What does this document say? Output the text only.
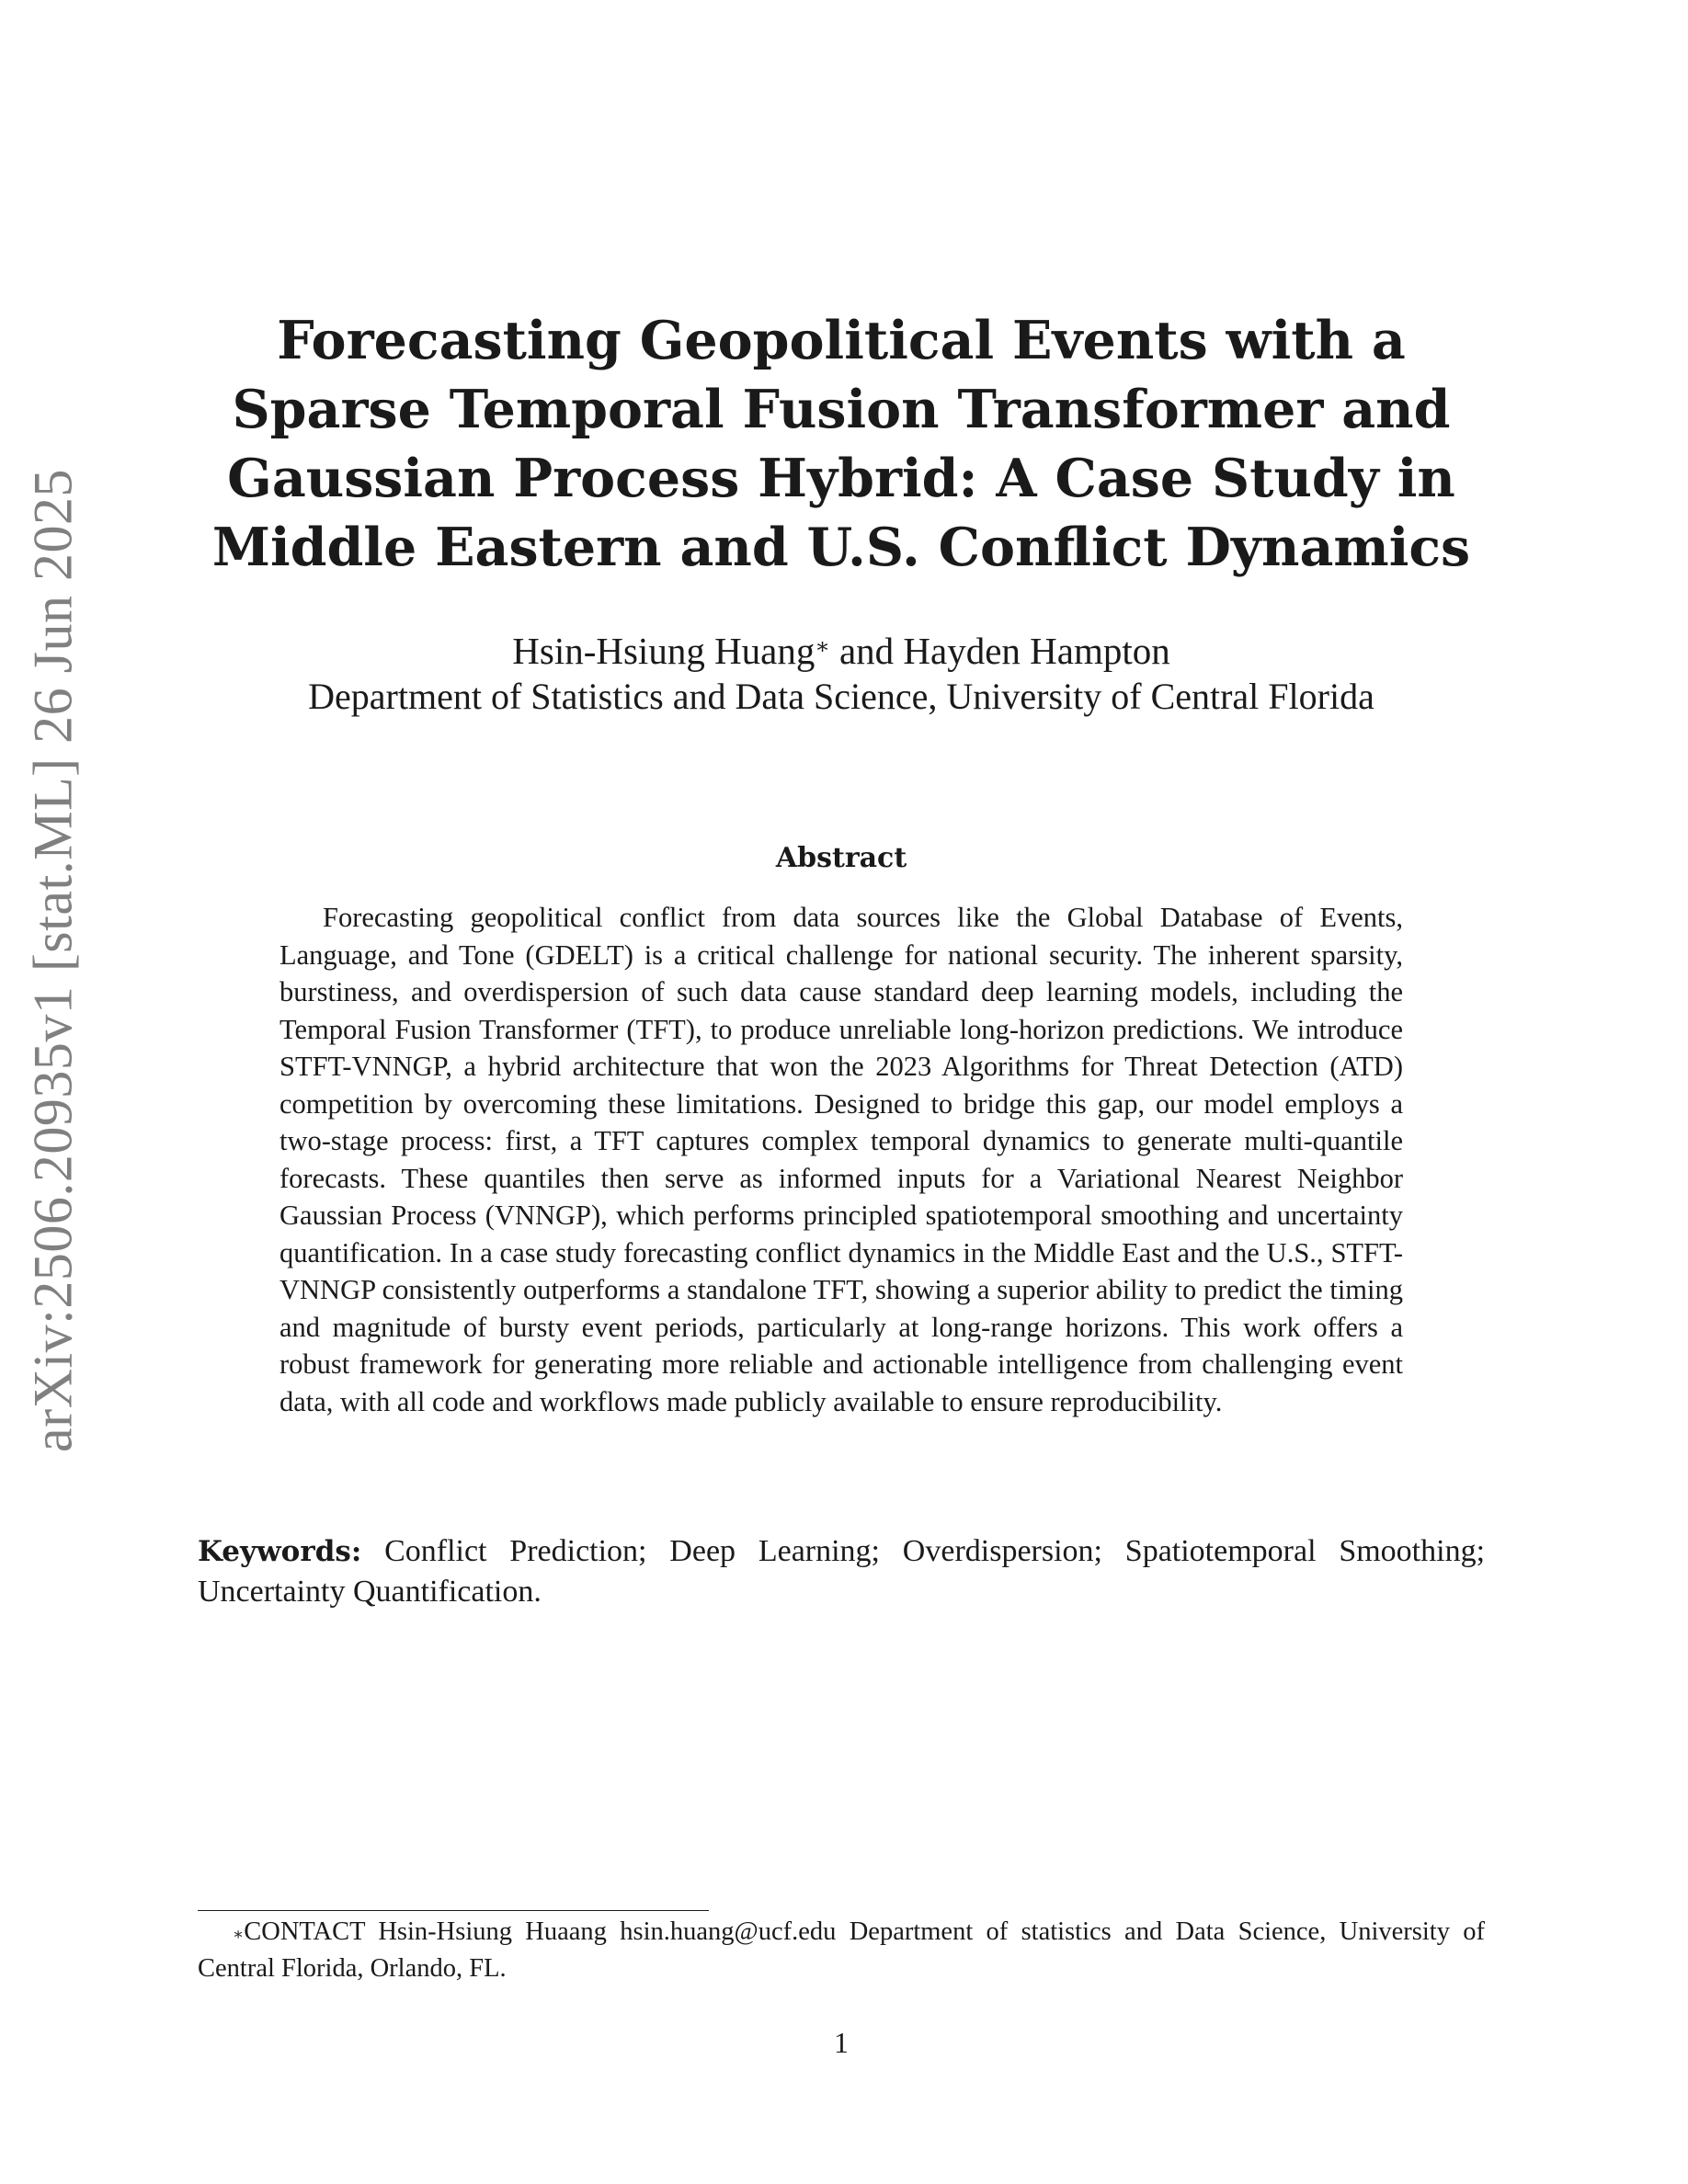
arXiv:2506.20935v1 [stat.ML] 26 Jun 2025
Forecasting Geopolitical Events with a Sparse Temporal Fusion Transformer and Gaussian Process Hybrid: A Case Study in Middle Eastern and U.S. Conflict Dynamics
Hsin-Hsiung Huang∗ and Hayden Hampton
Department of Statistics and Data Science, University of Central Florida
Abstract

Forecasting geopolitical conflict from data sources like the Global Database of Events, Language, and Tone (GDELT) is a critical challenge for national security. The inherent sparsity, burstiness, and overdispersion of such data cause standard deep learning models, including the Temporal Fusion Transformer (TFT), to produce unreliable long-horizon predictions. We introduce STFT-VNNGP, a hybrid architecture that won the 2023 Algorithms for Threat Detection (ATD) competition by overcoming these limitations. Designed to bridge this gap, our model employs a two-stage process: first, a TFT captures complex temporal dynamics to generate multi-quantile forecasts. These quantiles then serve as informed inputs for a Variational Nearest Neighbor Gaussian Process (VNNGP), which performs principled spatiotemporal smoothing and uncertainty quantification. In a case study forecasting conflict dynamics in the Middle East and the U.S., STFT-VNNGP consistently outperforms a standalone TFT, showing a superior ability to predict the timing and magnitude of bursty event periods, particularly at long-range horizons. This work offers a robust framework for generating more reliable and actionable intelligence from challenging event data, with all code and workflows made publicly available to ensure reproducibility.

Keywords: Conflict Prediction; Deep Learning; Overdispersion; Spatiotemporal Smoothing; Uncertainty Quantification.

∗CONTACT Hsin-Hsiung Huaang hsin.huang@ucf.edu Department of statistics and Data Science, University of Central Florida, Orlando, FL.

1
